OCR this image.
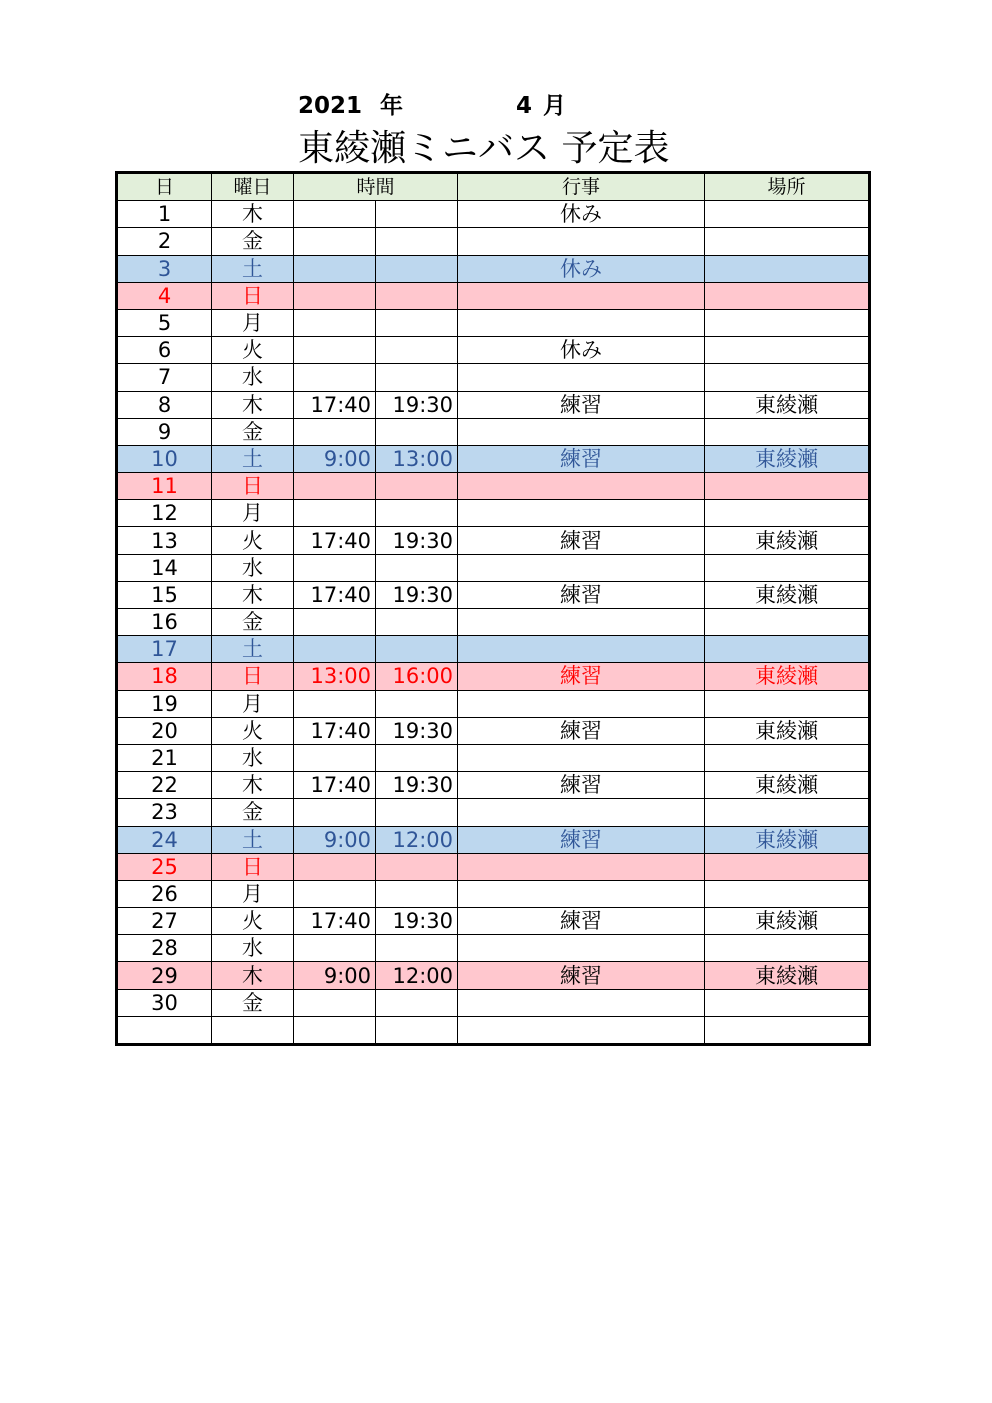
2021 年	4 月
東綾瀬ミニバス 予定表
日	曜日	時間		行事	場所
1	木			休み	
2	金				
3	土			休み	
4	日				
5	月				
6	火			休み	
7	水				
8	木	17:40	19:30	練習	東綾瀬
9	金				
10	土	9:00	13:00	練習	東綾瀬
11	日				
12	月				
13	火	17:40	19:30	練習	東綾瀬
14	水				
15	木	17:40	19:30	練習	東綾瀬
16	金				
17	土				
18	日	13:00	16:00	練習	東綾瀬
19	月				
20	火	17:40	19:30	練習	東綾瀬
21	水				
22	木	17:40	19:30	練習	東綾瀬
23	金				
24	土	9:00	12:00	練習	東綾瀬
25	日				
26	月				
27	火	17:40	19:30	練習	東綾瀬
28	水				
29	木	9:00	12:00	練習	東綾瀬
30	金				
